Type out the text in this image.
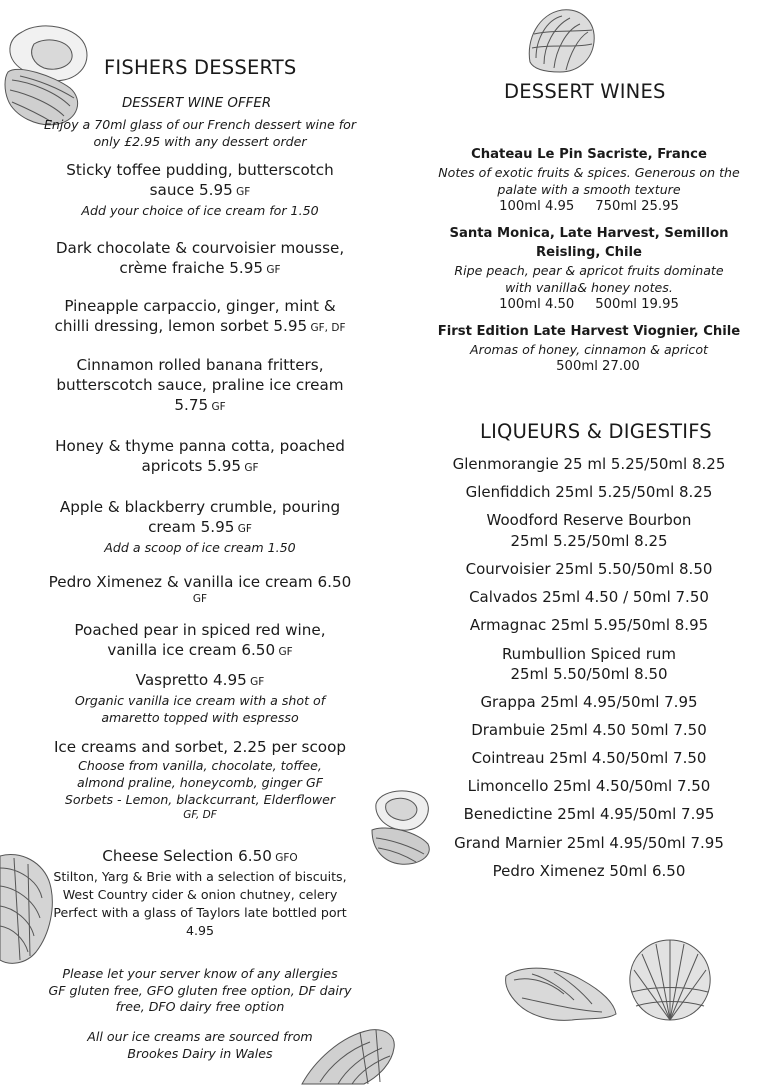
FISHERS DESSERTS
DESSERT WINE OFFER
Enjoy a 70ml glass of our French dessert wine for
only £2.95 with any dessert order
Sticky toffee pudding, butterscotch
sauce 5.95 GF
Add your choice of ice cream for 1.50
Dark chocolate & courvoisier mousse,
crème fraiche 5.95 GF
Pineapple carpaccio, ginger, mint &
chilli dressing, lemon sorbet 5.95 GF, DF
Cinnamon rolled banana fritters,
butterscotch sauce, praline ice cream
5.75 GF
Honey & thyme panna cotta, poached
apricots 5.95 GF
Apple & blackberry crumble, pouring
cream 5.95 GF
Add a scoop of ice cream 1.50
Pedro Ximenez & vanilla ice cream 6.50
GF
Poached pear in spiced red wine,
vanilla ice cream 6.50 GF
Vaspretto 4.95 GF
Organic vanilla ice cream with a shot of
amaretto topped with espresso
Ice creams and sorbet, 2.25 per scoop
Choose from vanilla, chocolate, toffee,
almond praline, honeycomb, ginger GF
Sorbets - Lemon, blackcurrant, Elderflower
GF, DF
Cheese Selection 6.50 GFO
Stilton, Yarg & Brie with a selection of biscuits,
West Country cider & onion chutney, celery
Perfect with a glass of Taylors late bottled port
4.95
Please let your server know of any allergies
GF gluten free, GFO gluten free option, DF dairy
free, DFO dairy free option
All our ice creams are sourced from
Brookes Dairy in Wales
DESSERT WINES
Chateau Le Pin Sacriste, France
Notes of exotic fruits & spices. Generous on the
palate with a smooth texture
100ml 4.95     750ml 25.95
Santa Monica, Late Harvest, Semillon
Reisling, Chile
Ripe peach, pear & apricot fruits dominate
with vanilla& honey notes.
100ml 4.50     500ml 19.95
First Edition Late Harvest Viognier, Chile
Aromas of honey, cinnamon & apricot
500ml 27.00
LIQUEURS & DIGESTIFS
Glenmorangie 25 ml 5.25/50ml 8.25
Glenfiddich 25ml 5.25/50ml 8.25
Woodford Reserve Bourbon
25ml 5.25/50ml 8.25
Courvoisier 25ml 5.50/50ml 8.50
Calvados 25ml 4.50 / 50ml 7.50
Armagnac 25ml 5.95/50ml 8.95
Rumbullion Spiced rum
25ml 5.50/50ml 8.50
Grappa 25ml 4.95/50ml 7.95
Drambuie 25ml 4.50 50ml 7.50
Cointreau 25ml 4.50/50ml 7.50
Limoncello 25ml 4.50/50ml 7.50
Benedictine 25ml 4.95/50ml 7.95
Grand Marnier 25ml 4.95/50ml 7.95
Pedro Ximenez 50ml 6.50
